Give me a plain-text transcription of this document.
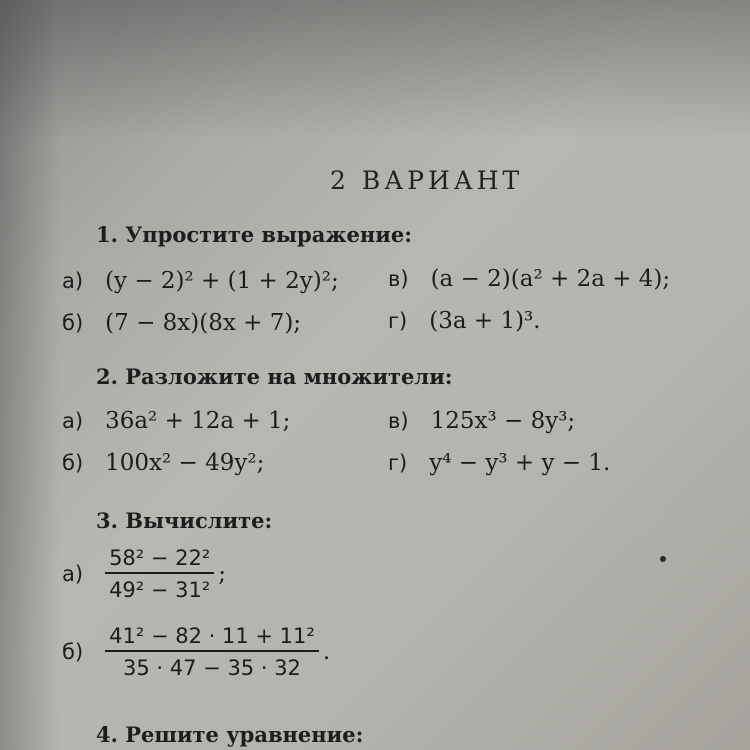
2 ВАРИАНТ
1. Упростите выражение:
а) (y − 2)² + (1 + 2y)²;
б) (7 − 8x)(8x + 7);
в) (a − 2)(a² + 2a + 4);
г) (3a + 1)³.
2. Разложите на множители:
а) 36a² + 12a + 1;
б) 100x² − 49y²;
в) 125x³ − 8y³;
г) y⁴ − y³ + y − 1.
3. Вычислите:
$а) \frac{\text{58² − 22²}}{\text{49² − 31²}}$ ;
$б) \frac{\text{41² − 82 · 11 + 11²}}{35 \cdot 47 - 35 \cdot 32}$ .
4. Решите уравнение:
